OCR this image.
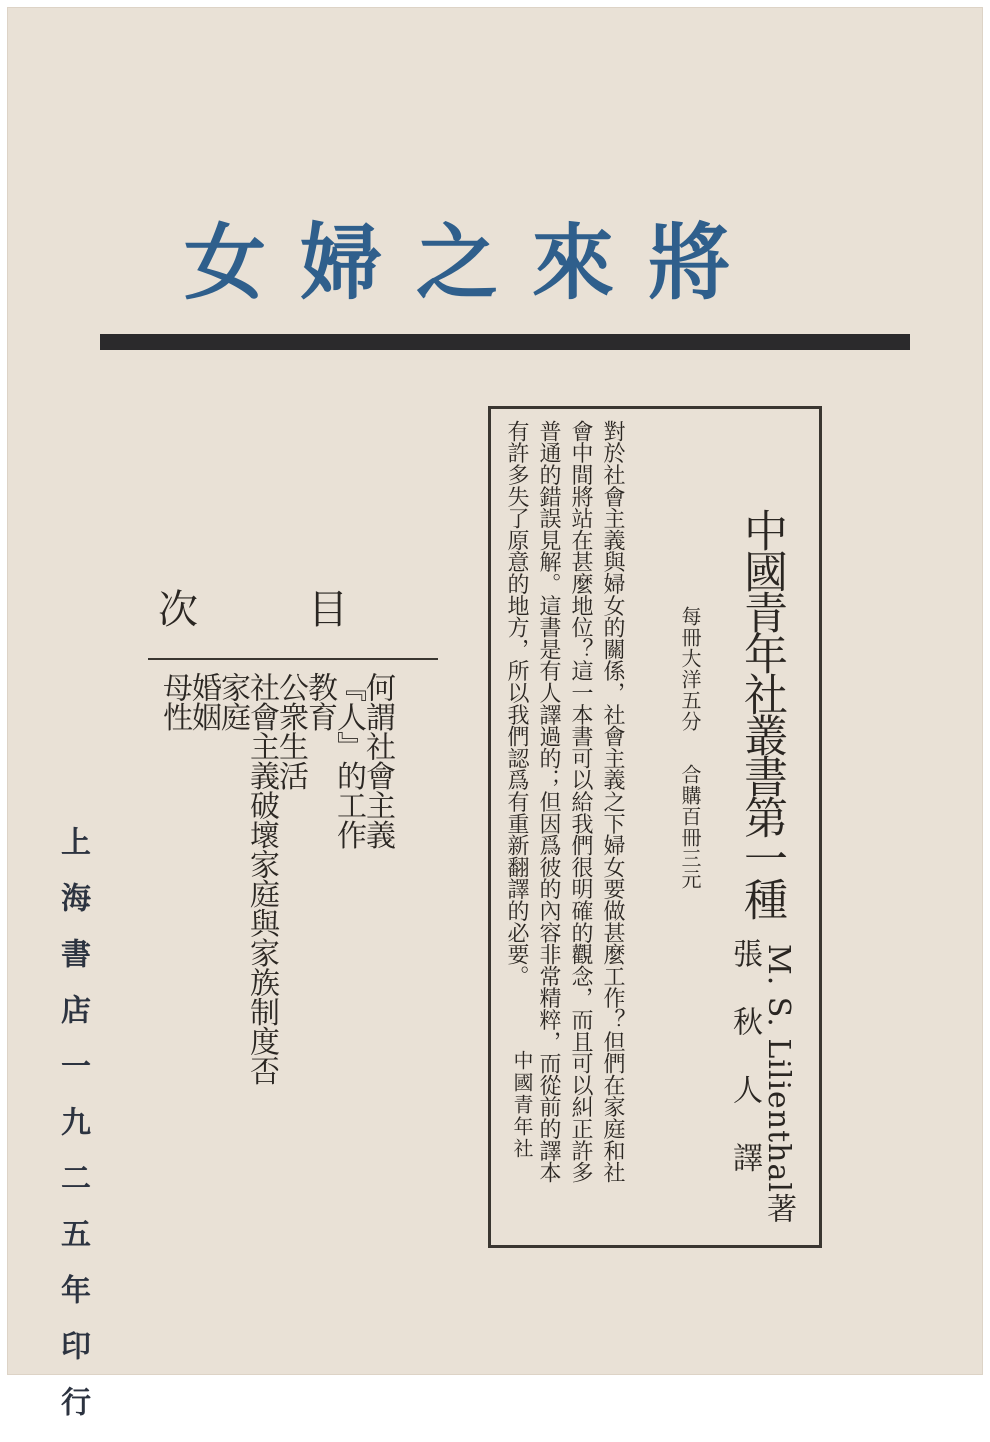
將來之婦女
中國青年社叢書第一種
每冊大洋五分合購百冊三元
M. S. Lilienthal著
張秋人譯

對於社會主義與婦女的關係，社會主義之下婦女要做甚麼工作？但們在家庭和社

會中間將站在甚麼地位？這一本書可以給我們很明確的觀念，而且可以糾正許多

普通的錯誤見解。這書是有人譯過的；但因爲彼的內容非常精粹，而從前的譯本

有許多失了原意的地方，所以我們認爲有重新翻譯的必要。

中國青年社
目次
何謂社會主義
『人』的工作
教育
公衆生活
社會主義破壞家庭與家族制度否
家庭
婚姻
母性
上海書店一九二五年印行
